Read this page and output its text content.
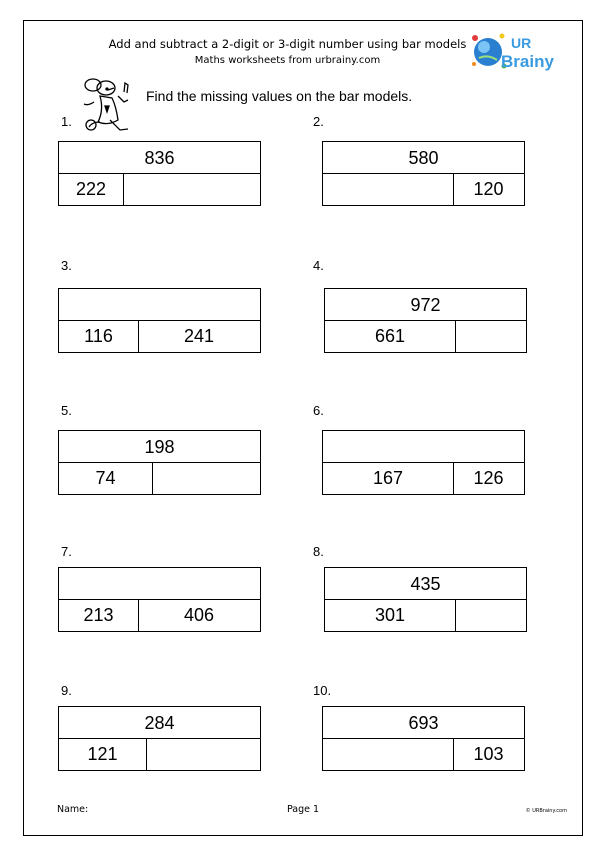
Add and subtract a 2-digit or 3-digit number using bar models
Maths worksheets from urbrainy.com
UR
Brainy
Find the missing values on the bar models.
1.
836
222
2.
580
120
3.
116	241
4.
972
661
5.
198
74
6.
167	126
7.
213	406
8.
435
301
9.
284
121
10.
693
103
Name:	Page 1	© URBrainy.com
